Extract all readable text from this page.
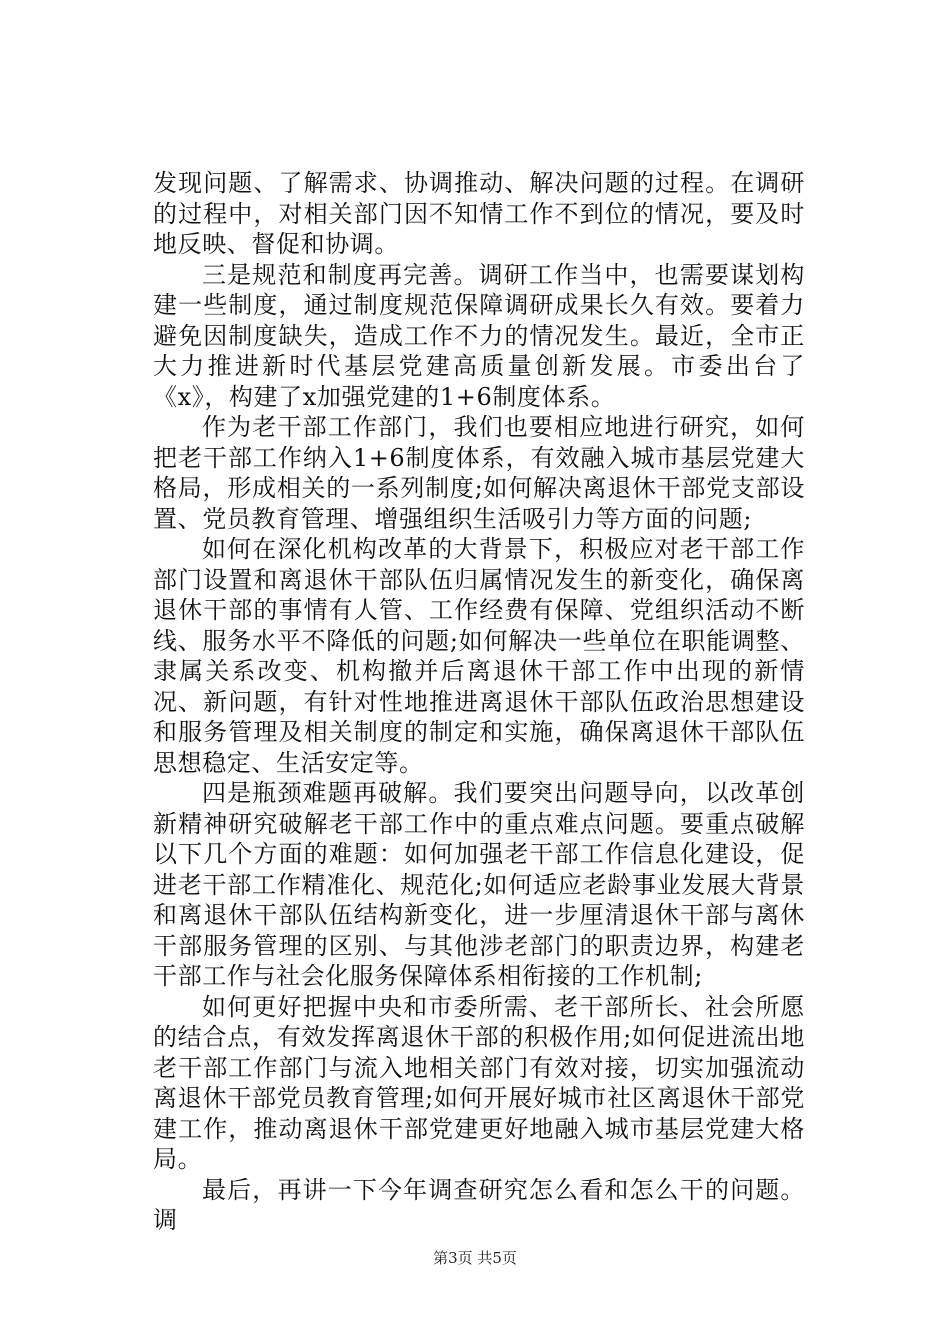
发现问题、了解需求、协调推动、解决问题的过程。在调研的过程中，对相关部门因不知情工作不到位的情况，要及时地反映、督促和协调。

三是规范和制度再完善。调研工作当中，也需要谋划构建一些制度，通过制度规范保障调研成果长久有效。要着力避免因制度缺失，造成工作不力的情况发生。最近，全市正大力推进新时代基层党建高质量创新发展。市委出台了《x》，构建了x加强党建的1+6制度体系。

作为老干部工作部门，我们也要相应地进行研究，如何把老干部工作纳入1+6制度体系，有效融入城市基层党建大格局，形成相关的一系列制度;如何解决离退休干部党支部设置、党员教育管理、增强组织生活吸引力等方面的问题;

如何在深化机构改革的大背景下，积极应对老干部工作部门设置和离退休干部队伍归属情况发生的新变化，确保离退休干部的事情有人管、工作经费有保障、党组织活动不断线、服务水平不降低的问题;如何解决一些单位在职能调整、隶属关系改变、机构撤并后离退休干部工作中出现的新情况、新问题，有针对性地推进离退休干部队伍政治思想建设和服务管理及相关制度的制定和实施，确保离退休干部队伍思想稳定、生活安定等。

四是瓶颈难题再破解。我们要突出问题导向，以改革创新精神研究破解老干部工作中的重点难点问题。要重点破解以下几个方面的难题：如何加强老干部工作信息化建设，促进老干部工作精准化、规范化;如何适应老龄事业发展大背景和离退休干部队伍结构新变化，进一步厘清退休干部与离休干部服务管理的区别、与其他涉老部门的职责边界，构建老干部工作与社会化服务保障体系相衔接的工作机制;

如何更好把握中央和市委所需、老干部所长、社会所愿的结合点，有效发挥离退休干部的积极作用;如何促进流出地老干部工作部门与流入地相关部门有效对接，切实加强流动离退休干部党员教育管理;如何开展好城市社区离退休干部党建工作，推动离退休干部党建更好地融入城市基层党建大格局。

最后，再讲一下今年调查研究怎么看和怎么干的问题。调

第3页 共5页
